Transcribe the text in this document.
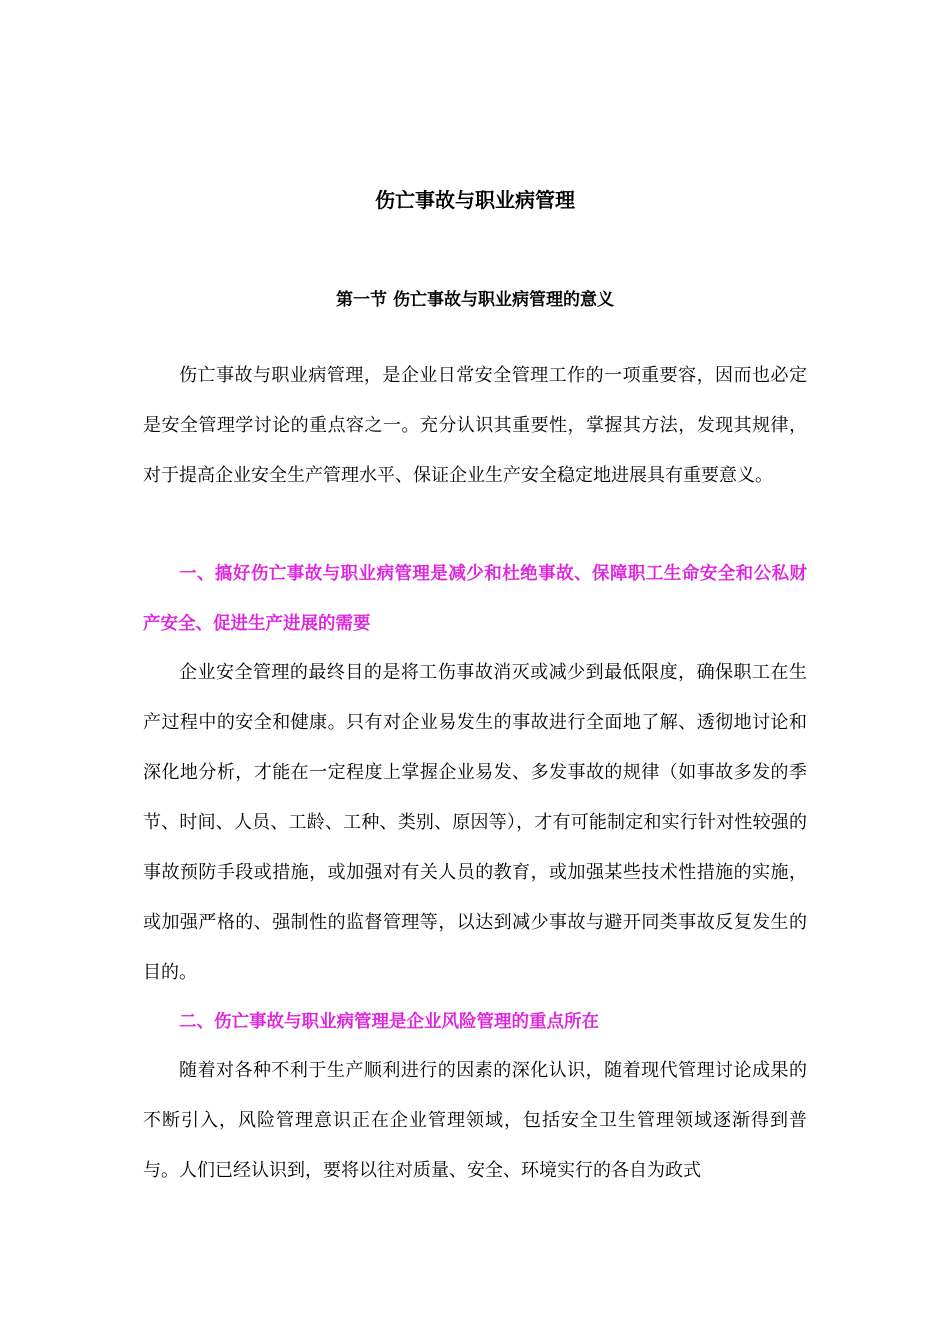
伤亡事故与职业病管理
第一节 伤亡事故与职业病管理的意义

伤亡事故与职业病管理，是企业日常安全管理工作的一项重要容，因而也必定是安全管理学讨论的重点容之一。充分认识其重要性，掌握其方法，发现其规律，对于提高企业安全生产管理水平、保证企业生产安全稳定地进展具有重要意义。

一、搞好伤亡事故与职业病管理是减少和杜绝事故、保障职工生命安全和公私财产安全、促进生产进展的需要

企业安全管理的最终目的是将工伤事故消灭或减少到最低限度，确保职工在生产过程中的安全和健康。只有对企业易发生的事故进行全面地了解、透彻地讨论和深化地分析，才能在一定程度上掌握企业易发、多发事故的规律（如事故多发的季节、时间、人员、工龄、工种、类别、原因等），才有可能制定和实行针对性较强的事故预防手段或措施，或加强对有关人员的教育，或加强某些技术性措施的实施，或加强严格的、强制性的监督管理等，以达到减少事故与避开同类事故反复发生的目的。

二、伤亡事故与职业病管理是企业风险管理的重点所在

随着对各种不利于生产顺利进行的因素的深化认识，随着现代管理讨论成果的不断引入，风险管理意识正在企业管理领域，包括安全卫生管理领域逐渐得到普与。人们已经认识到，要将以往对质量、安全、环境实行的各自为政式
